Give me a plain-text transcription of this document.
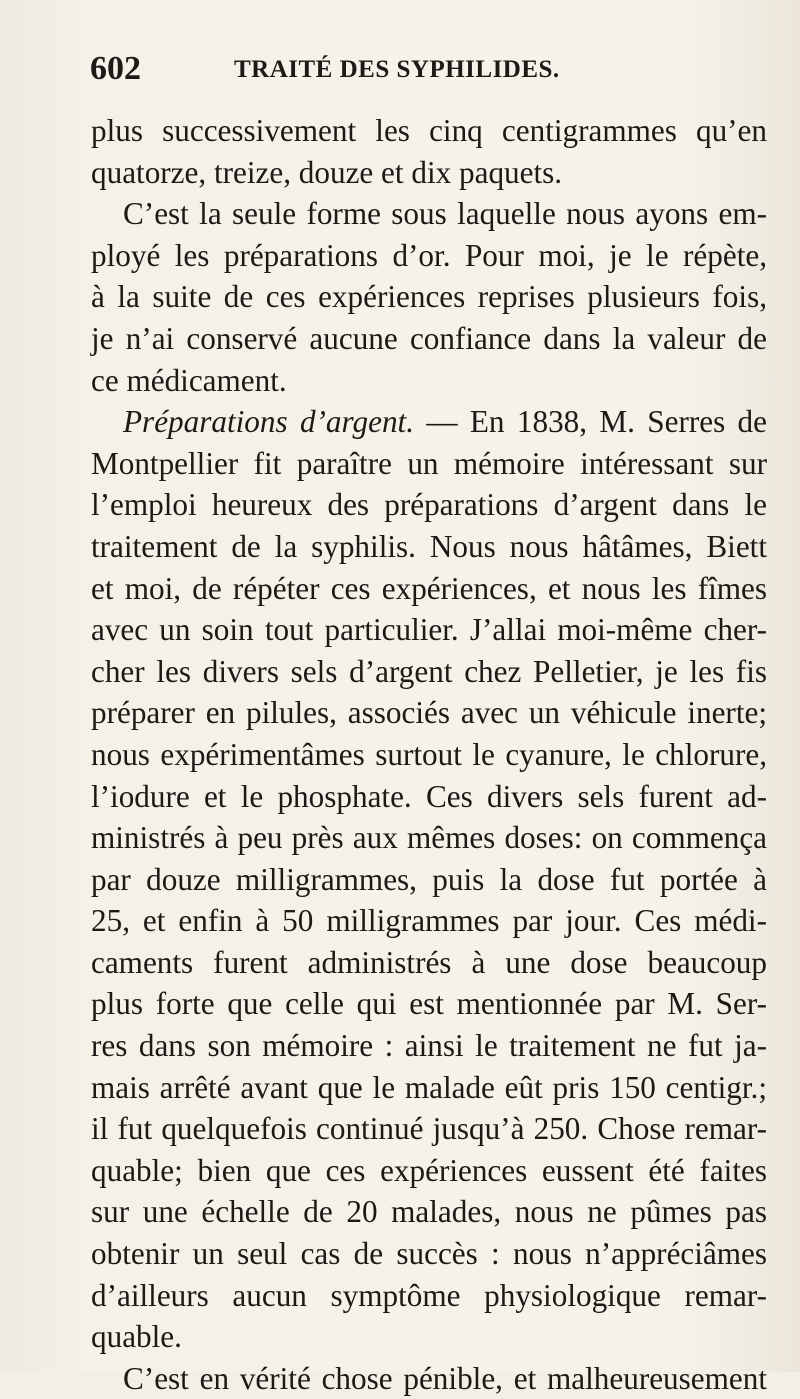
602	TRAITÉ DES SYPHILIDES.
plus successivement les cinq centigrammes qu’en
quatorze, treize, douze et dix paquets.
C’est la seule forme sous laquelle nous ayons em-
ployé les préparations d’or. Pour moi, je le répète,
à la suite de ces expériences reprises plusieurs fois,
je n’ai conservé aucune confiance dans la valeur de
ce médicament.
Préparations d’argent. — En 1838, M. Serres de
Montpellier fit paraître un mémoire intéressant sur
l’emploi heureux des préparations d’argent dans le
traitement de la syphilis. Nous nous hâtâmes, Biett
et moi, de répéter ces expériences, et nous les fîmes
avec un soin tout particulier. J’allai moi-même cher-
cher les divers sels d’argent chez Pelletier, je les fis
préparer en pilules, associés avec un véhicule inerte;
nous expérimentâmes surtout le cyanure, le chlorure,
l’iodure et le phosphate. Ces divers sels furent ad-
ministrés à peu près aux mêmes doses: on commença
par douze milligrammes, puis la dose fut portée à
25, et enfin à 50 milligrammes par jour. Ces médi-
caments furent administrés à une dose beaucoup
plus forte que celle qui est mentionnée par M. Ser-
res dans son mémoire : ainsi le traitement ne fut ja-
mais arrêté avant que le malade eût pris 150 centigr.;
il fut quelquefois continué jusqu’à 250. Chose remar-
quable; bien que ces expériences eussent été faites
sur une échelle de 20 malades, nous ne pûmes pas
obtenir un seul cas de succès : nous n’appréciâmes
d’ailleurs aucun symptôme physiologique remar-
quable.
C’est en vérité chose pénible, et malheureusement
